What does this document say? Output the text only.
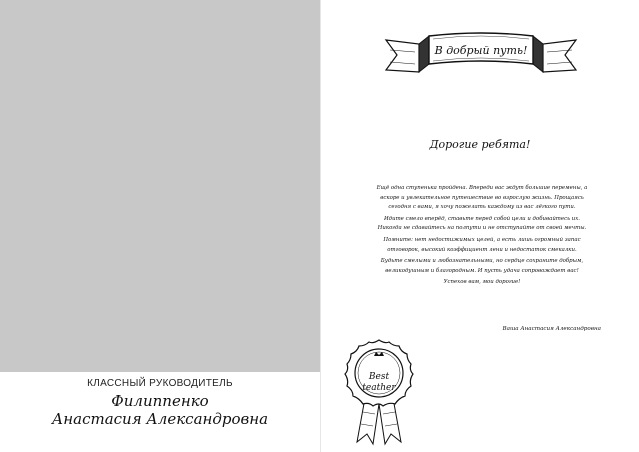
КЛАССНЫЙ РУКОВОДИТЕЛЬ
Филиппенко
Анастасия Александровна
В добрый путь!
Дорогие ребята!

Ещё одна ступенька пройдена. Впереди вас ждут большие перемены, а вскоре и увлекательное путешествие во взрослую жизнь. Прощаясь сегодня с вами, я хочу пожелать каждому из вас лёгкого пути.

Идите смело вперёд, ставьте перед собой цели и добивайтесь их. Никогда не сдавайтесь на полпути и не отступайте от своей мечты.

Помните: нет недостижимых целей, а есть лишь огромный запас отговорок, высокий коэффициент лени и недостаток смекалки.

Будьте смелыми и любознательными, но сердце сохраните добрым, великодушным и благородным. И пусть удача сопровождает вас!

Успехов вам, мои дорогие!

Ваша Анастасия Александровна
Best
teather
